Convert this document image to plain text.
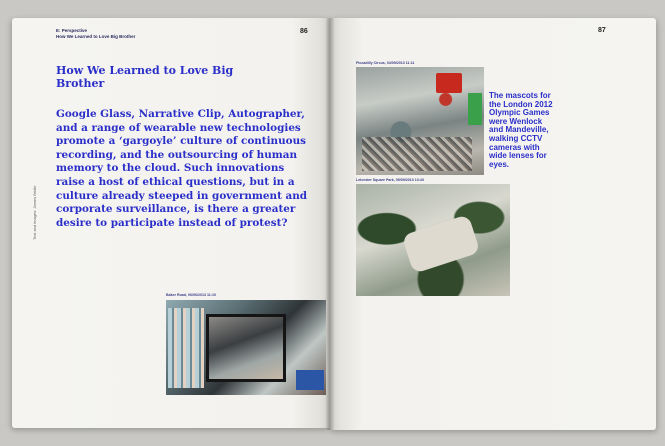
E: Perspective
How We Learned to Love Big Brother
86
How We Learned to Love Big Brother
Google Glass, Narrative Clip, Autographer, and a range of wearable new technologies promote a ‘gargoyle’ culture of continuous recording, and the outsourcing of human memory to the cloud. Such innovations raise a host of ethical questions, but in a culture already steeped in government and corporate surveillance, is there a greater desire to participate instead of protest?
Text and images: James Bridle
Baker Road, 06/06/2013 11:10
87
Piccadilly Circus, 04/09/2013 11:11
Leicester Square Park, 05/09/2013 13:43
The mascots for the London 2012 Olympic Games were Wenlock and Mandeville, walking CCTV cameras with wide lenses for eyes.
